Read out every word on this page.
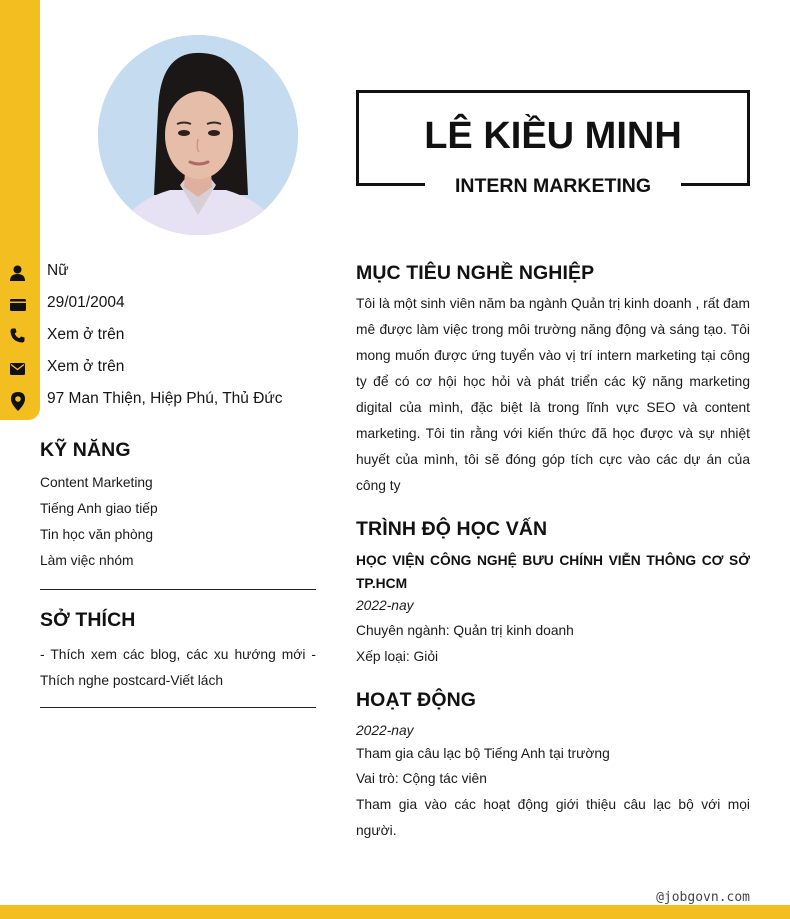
Nữ
29/01/2004
Xem ở trên
Xem ở trên
97 Man Thiện, Hiệp Phú, Thủ Đức
KỸ NĂNG
Content Marketing
Tiếng Anh giao tiếp
Tin học văn phòng
Làm việc nhóm
SỞ THÍCH
- Thích xem các blog, các xu hướng mới - Thích nghe postcard-Viết lách
LÊ KIỀU MINH
INTERN MARKETING
MỤC TIÊU NGHỀ NGHIỆP
Tôi là một sinh viên năm ba ngành Quản trị kinh doanh , rất đam mê được làm việc trong môi trường năng động và sáng tạo. Tôi mong muốn được ứng tuyển vào vị trí intern marketing tại công ty để có cơ hội học hỏi và phát triển các kỹ năng marketing digital của mình, đặc biệt là trong lĩnh vực SEO và content marketing. Tôi tin rằng với kiến thức đã học được và sự nhiệt huyết của mình, tôi sẽ đóng góp tích cực vào các dự án của công ty
TRÌNH ĐỘ HỌC VẤN
HỌC VIỆN CÔNG NGHỆ BƯU CHÍNH VIỄN THÔNG CƠ SỞ TP.HCM
2022-nay
Chuyên ngành: Quản trị kinh doanh
Xếp loại: Giỏi
HOẠT ĐỘNG
2022-nay
Tham gia câu lạc bộ Tiếng Anh tại trường
Vai trò: Cộng tác viên
Tham gia vào các hoạt động giới thiệu câu lạc bộ với mọi người.
@jobgovn.com
